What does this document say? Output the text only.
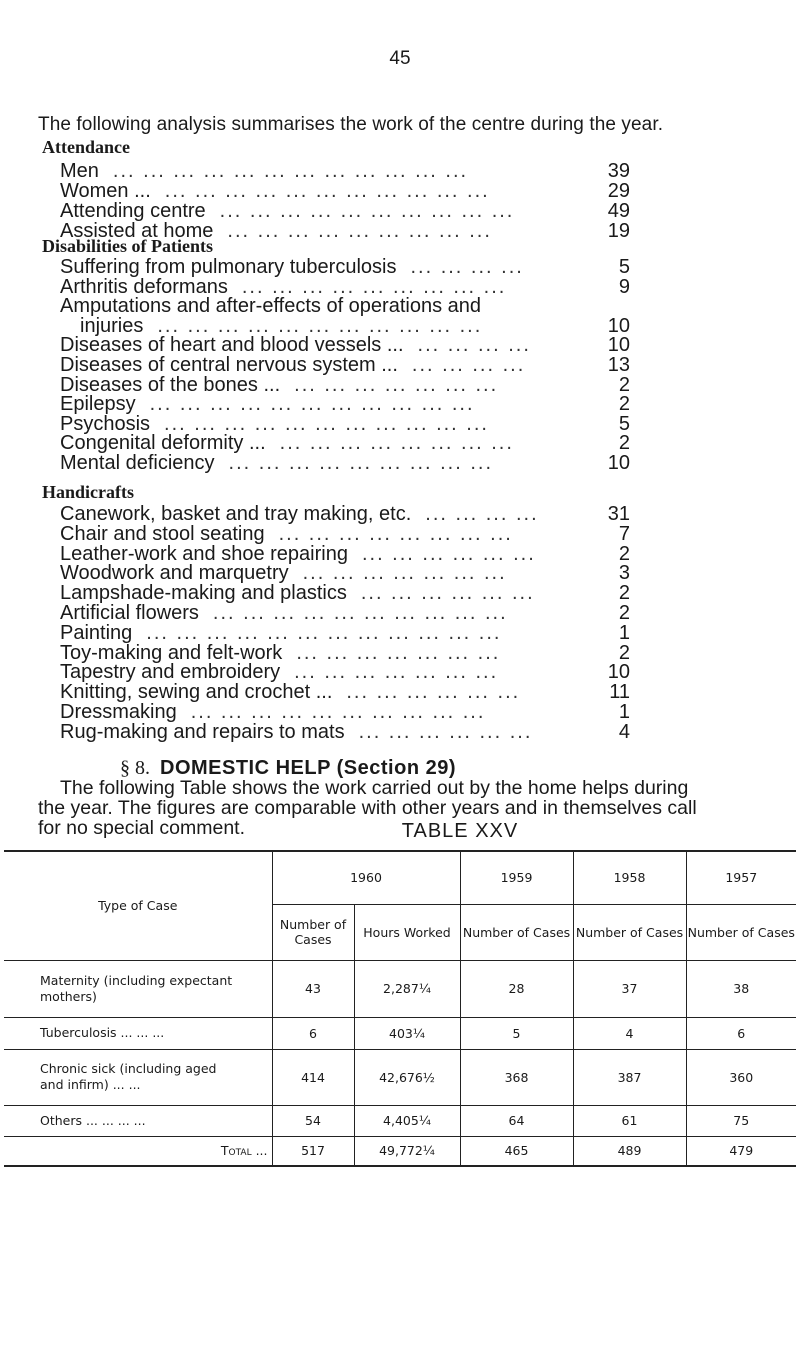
45
The following analysis summarises the work of the centre during the year.
Attendance
Men	39
... ... ... ... ... ... ... ... ... ... ... ...
Women ...	29
... ... ... ... ... ... ... ... ... ... ...
Attending centre	49
... ... ... ... ... ... ... ... ... ...
Assisted at home	19
... ... ... ... ... ... ... ... ...
Disabilities of Patients
Suffering from pulmonary tuberculosis	5
... ... ... ...
Arthritis deformans	9
... ... ... ... ... ... ... ... ...
Amputations and after-effects of operations and
injuries	10
... ... ... ... ... ... ... ... ... ... ...
Diseases of heart and blood vessels ...	10
... ... ... ...
Diseases of central nervous system ...	13
... ... ... ...
Diseases of the bones ...	2
... ... ... ... ... ... ...
Epilepsy	2
... ... ... ... ... ... ... ... ... ... ...
Psychosis	5
... ... ... ... ... ... ... ... ... ... ...
Congenital deformity ...	2
... ... ... ... ... ... ... ...
Mental deficiency	10
... ... ... ... ... ... ... ... ...
Handicrafts
Canework, basket and tray making, etc.	31
... ... ... ...
Chair and stool seating	7
... ... ... ... ... ... ... ...
Leather-work and shoe repairing	2
... ... ... ... ... ...
Woodwork and marquetry	3
... ... ... ... ... ... ...
Lampshade-making and plastics	2
... ... ... ... ... ...
Artificial flowers	2
... ... ... ... ... ... ... ... ... ...
Painting	1
... ... ... ... ... ... ... ... ... ... ... ...
Toy-making and felt-work	2
... ... ... ... ... ... ...
Tapestry and embroidery	10
... ... ... ... ... ... ...
Knitting, sewing and crochet ...	11
... ... ... ... ... ...
Dressmaking	1
... ... ... ... ... ... ... ... ... ...
Rug-making and repairs to mats	4
... ... ... ... ... ...
§ 8. DOMESTIC HELP (Section 29)
The following Table shows the work carried out by the home helps during
the year. The figures are comparable with other years and in themselves call
for no special comment.	TABLE XXV
Type of Case	1960		1959	1958	1957
	Number of Cases	Hours Worked	Number of Cases	Number of Cases	Number of Cases
Maternity (including expectant mothers)	43	2,287¼	28	37	38
Tuberculosis ... ... ...	6	403¼	5	4	6
Chronic sick (including aged and infirm) ... ...	414	42,676½	368	387	360
Others ... ... ... ...	54	4,405¼	64	61	75
Total ...	517	49,772¼	465	489	479
